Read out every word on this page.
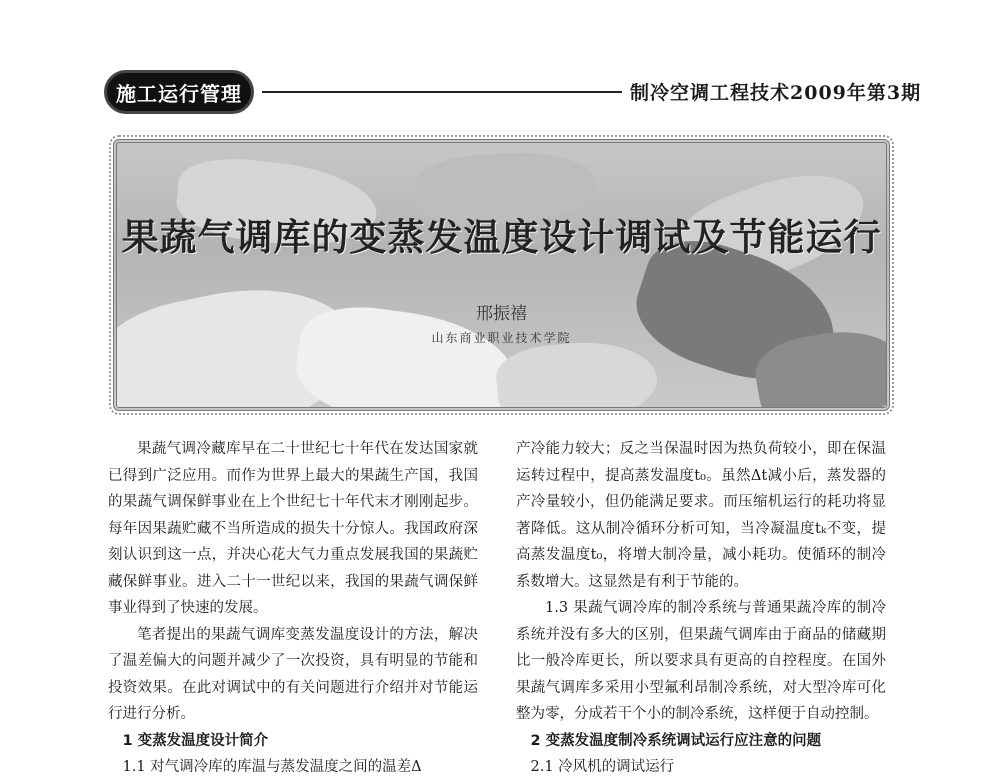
施工运行管理	制冷空调工程技术2009年第3期
果蔬气调库的变蒸发温度设计调试及节能运行
邢振禧
山东商业职业技术学院

果蔬气调冷藏库早在二十世纪七十年代在发达国家就已得到广泛应用。而作为世界上最大的果蔬生产国，我国的果蔬气调保鲜事业在上个世纪七十年代末才刚刚起步。每年因果蔬贮藏不当所造成的损失十分惊人。我国政府深刻认识到这一点，并决心花大气力重点发展我国的果蔬贮藏保鲜事业。进入二十一世纪以来，我国的果蔬气调保鲜事业得到了快速的发展。

笔者提出的果蔬气调库变蒸发温度设计的方法，解决了温差偏大的问题并减少了一次投资，具有明显的节能和投资效果。在此对调试中的有关问题进行介绍并对节能运行进行分析。

1 变蒸发温度设计简介
1.1 对气调冷库的库温与蒸发温度之间的温差Δ

产冷能力较大；反之当保温时因为热负荷较小，即在保温运转过程中，提高蒸发温度t₀。虽然Δt减小后，蒸发器的产冷量较小，但仍能满足要求。而压缩机运行的耗功将显著降低。这从制冷循环分析可知，当冷凝温度tₖ不变，提高蒸发温度t₀，将增大制冷量，减小耗功。使循环的制冷系数增大。这显然是有利于节能的。

1.3 果蔬气调冷库的制冷系统与普通果蔬冷库的制冷系统并没有多大的区别，但果蔬气调库由于商品的储藏期比一般冷库更长，所以要求具有更高的自控程度。在国外果蔬气调库多采用小型氟利昂制冷系统，对大型冷库可化整为零，分成若干个小的制冷系统，这样便于自动控制。

2 变蒸发温度制冷系统调试运行应注意的问题
2.1 冷风机的调试运行
